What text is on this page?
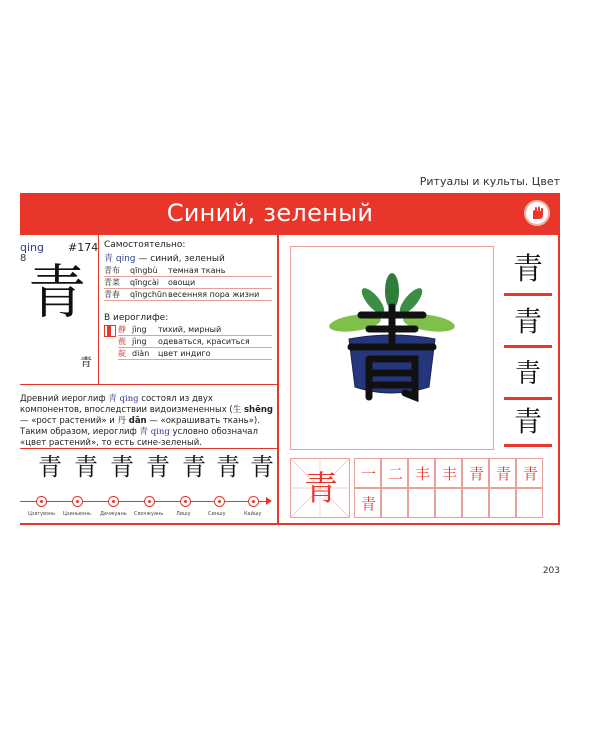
Ритуалы и культы. Цвет
Синий, зеленый
qing
8
#174
青
青
Самостоятельно:
青 qing — синий, зеленый
青布 qīngbù темная ткань
青菜 qīngcài овощи
青春 qīngchūnвесенняя пора жизни
В иероглифе:
静 jìng тихий, мирный
靓 jìng одеваться, краситься
靛 diàn цвет индиго
Древний иероглиф 青 qing состоял из двух компонентов, впоследствии видоизмененных (生 shēng — «рост растений» и 丹 dān — «окрашивать ткань»). Таким образом, иероглиф 青 qing условно обозначал «цвет растений», то есть сине-зеленый.
青 青 青 青 青 青 青
Цзягувэнь Цзиньвэнь Дачжуань Сяочжуань	Лишу	Синшу	Кайшу
青
青
青
青
青	一 二 丰 丰 青 青 青
青
203
